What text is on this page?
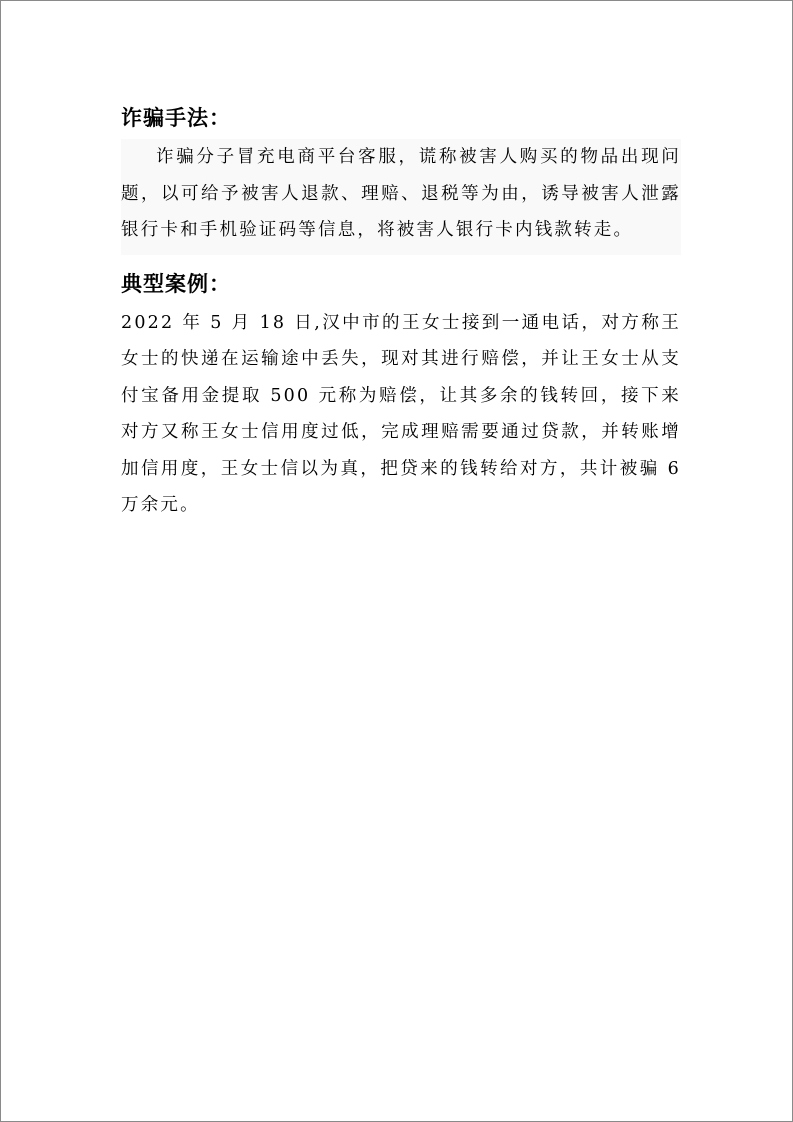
诈骗手法：

诈骗分子冒充电商平台客服，谎称被害人购买的物品出现问题，以可给予被害人退款、理赔、退税等为由，诱导被害人泄露银行卡和手机验证码等信息，将被害人银行卡内钱款转走。

典型案例：

2022 年 5 月 18 日,汉中市的王女士接到一通电话，对方称王女士的快递在运输途中丢失，现对其进行赔偿，并让王女士从支付宝备用金提取 500 元称为赔偿，让其多余的钱转回，接下来对方又称王女士信用度过低，完成理赔需要通过贷款，并转账增加信用度，王女士信以为真，把贷来的钱转给对方，共计被骗 6 万余元。
